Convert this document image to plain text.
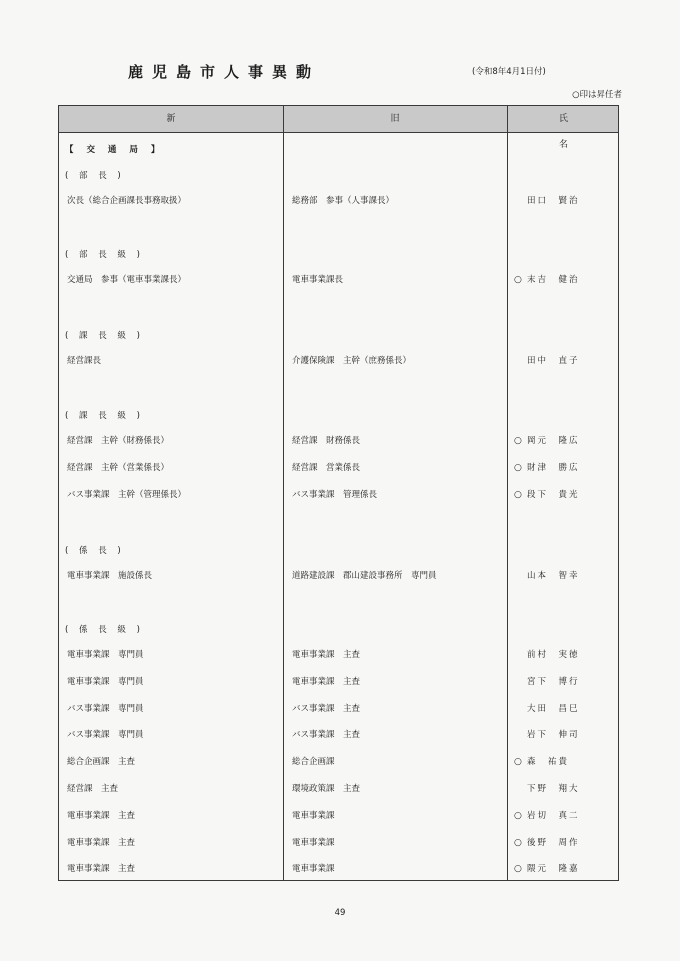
鹿児島市人事異動	(令和8年4月1日付)
○印は昇任者
新	旧	氏　　名
【 交 通 局 】
( 部 長 )
次長（総合企画課長事務取扱）	総務部　参事（人事課長）	田口　賢治
( 部 長 級 )
交通局　参事（電車事業課長）	電車事業課長	○ 末吉　健治
( 課 長 級 )
経営課長	介護保険課　主幹（庶務係長）	田中　直子
( 課 長 級 )
経営課　主幹（財務係長）	経営課　財務係長	○ 岡元　隆広
経営課　主幹（営業係長）	経営課　営業係長	○ 財津　勝広
バス事業課　主幹（管理係長）	バス事業課　管理係長	○ 段下　貴光
( 係 長 )
電車事業課　施設係長	道路建設課　郡山建設事務所　専門員	山本　智幸
( 係 長 級 )
電車事業課　専門員	電車事業課　主査	前村　実徳
電車事業課　専門員	電車事業課　主査	宮下　博行
バス事業課　専門員	バス事業課　主査	大田　昌巳
バス事業課　専門員	バス事業課　主査	岩下　伸司
総合企画課　主査	総合企画課	○ 森　祐貴
経営課　主査	環境政策課　主査	下野　翔大
電車事業課　主査	電車事業課	○ 岩切　真二
電車事業課　主査	電車事業課	○ 後野　周作
電車事業課　主査	電車事業課	○ 隈元　隆嘉
49
